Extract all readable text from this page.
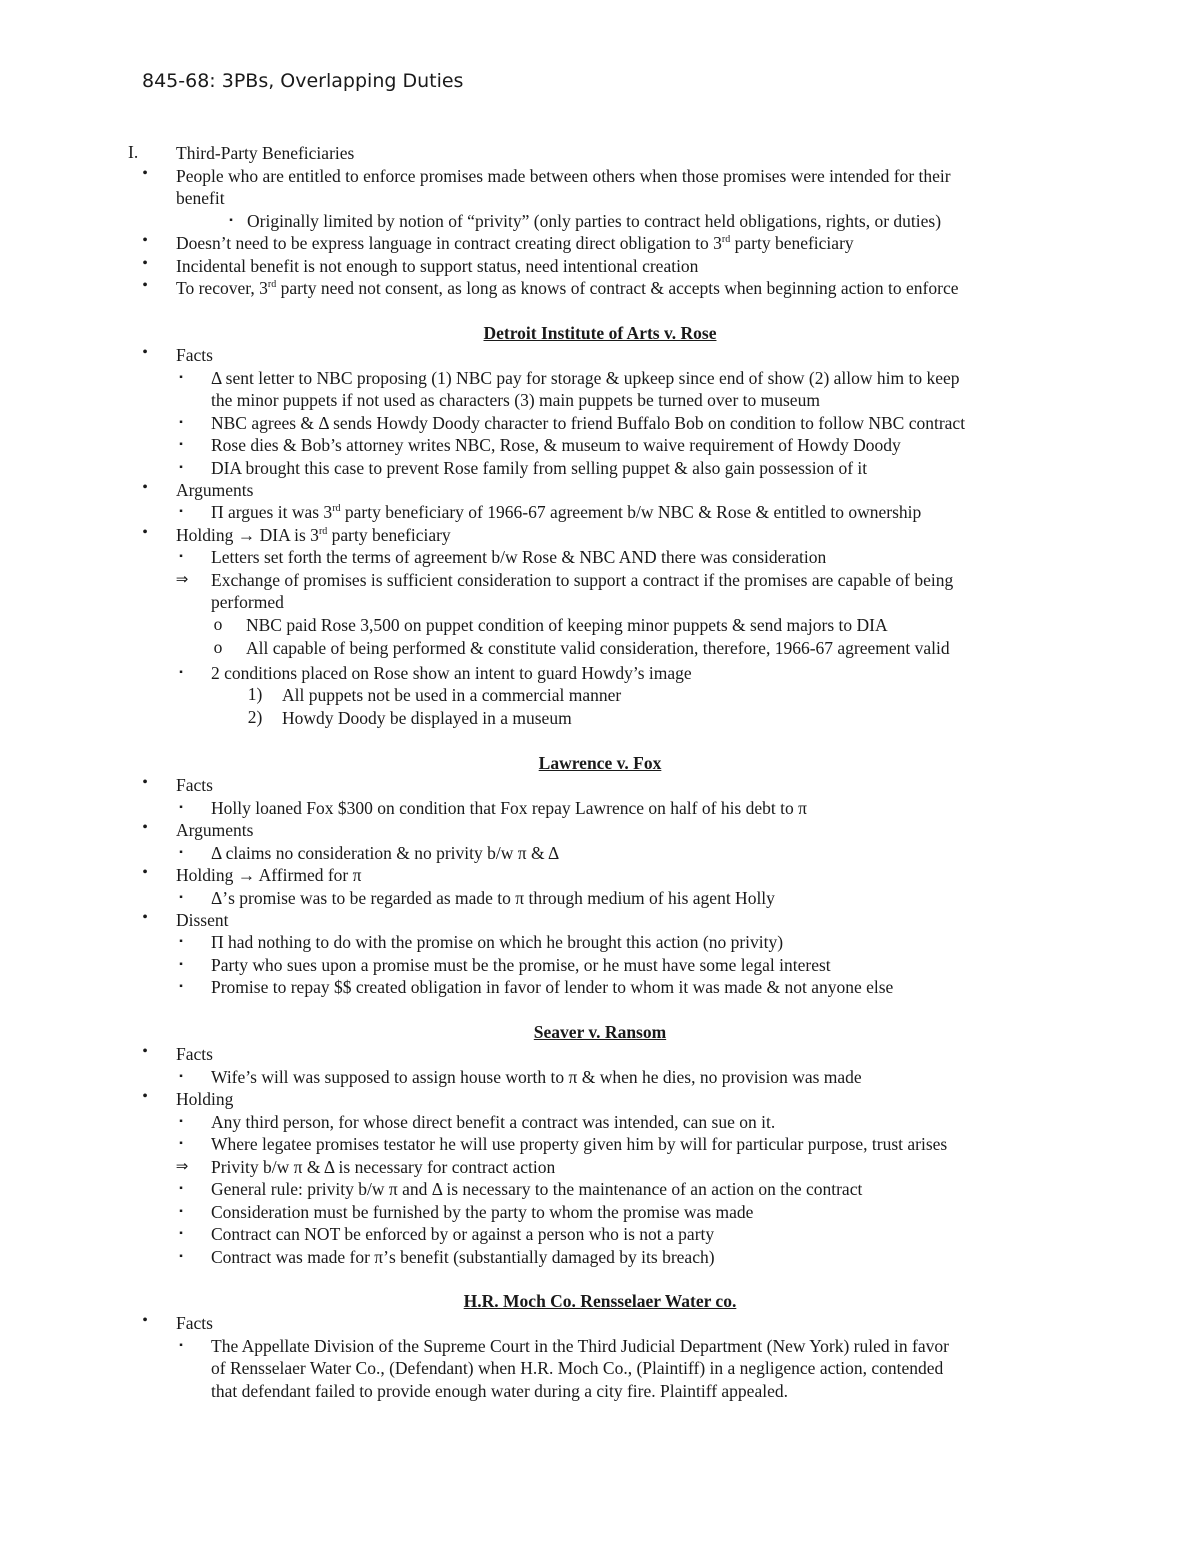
845-68: 3PBs, Overlapping Duties
I.	Third-Party Beneficiaries
• People who are entitled to enforce promises made between others when those promises were intended for their
benefit
▪ Originally limited by notion of “privity” (only parties to contract held obligations, rights, or duties)
• Doesn’t need to be express language in contract creating direct obligation to 3rd party beneficiary
• Incidental benefit is not enough to support status, need intentional creation
• To recover, 3rd party need not consent, as long as knows of contract & accepts when beginning action to enforce
Detroit Institute of Arts v. Rose
• Facts
▪ Δ sent letter to NBC proposing (1) NBC pay for storage & upkeep since end of show (2) allow him to keep
the minor puppets if not used as characters (3) main puppets be turned over to museum
▪ NBC agrees & Δ sends Howdy Doody character to friend Buffalo Bob on condition to follow NBC contract
▪ Rose dies & Bob’s attorney writes NBC, Rose, & museum to waive requirement of Howdy Doody
▪ DIA brought this case to prevent Rose family from selling puppet & also gain possession of it
• Arguments
▪ Π argues it was 3rd party beneficiary of 1966-67 agreement b/w NBC & Rose & entitled to ownership
• Holding → DIA is 3rd party beneficiary
▪ Letters set forth the terms of agreement b/w Rose & NBC AND there was consideration
⇒ Exchange of promises is sufficient consideration to support a contract if the promises are capable of being
performed
o NBC paid Rose 3,500 on puppet condition of keeping minor puppets & send majors to DIA
o All capable of being performed & constitute valid consideration, therefore, 1966-67 agreement valid
▪ 2 conditions placed on Rose show an intent to guard Howdy’s image
1) All puppets not be used in a commercial manner
2) Howdy Doody be displayed in a museum
Lawrence v. Fox
• Facts
▪ Holly loaned Fox $300 on condition that Fox repay Lawrence on half of his debt to π
• Arguments
▪ Δ claims no consideration & no privity b/w π & Δ
• Holding → Affirmed for π
▪ Δ’s promise was to be regarded as made to π through medium of his agent Holly
• Dissent
▪ Π had nothing to do with the promise on which he brought this action (no privity)
▪ Party who sues upon a promise must be the promise, or he must have some legal interest
▪ Promise to repay $$ created obligation in favor of lender to whom it was made & not anyone else
Seaver v. Ransom
• Facts
▪ Wife’s will was supposed to assign house worth to π & when he dies, no provision was made
• Holding
▪ Any third person, for whose direct benefit a contract was intended, can sue on it.
▪ Where legatee promises testator he will use property given him by will for particular purpose, trust arises
⇒ Privity b/w π & Δ is necessary for contract action
▪ General rule: privity b/w π and Δ is necessary to the maintenance of an action on the contract
▪ Consideration must be furnished by the party to whom the promise was made
▪ Contract can NOT be enforced by or against a person who is not a party
▪ Contract was made for π’s benefit (substantially damaged by its breach)
H.R. Moch Co. Rensselaer Water co.
• Facts
▪ The Appellate Division of the Supreme Court in the Third Judicial Department (New York) ruled in favor
of Rensselaer Water Co., (Defendant) when H.R. Moch Co., (Plaintiff) in a negligence action, contended
that defendant failed to provide enough water during a city fire. Plaintiff appealed.
